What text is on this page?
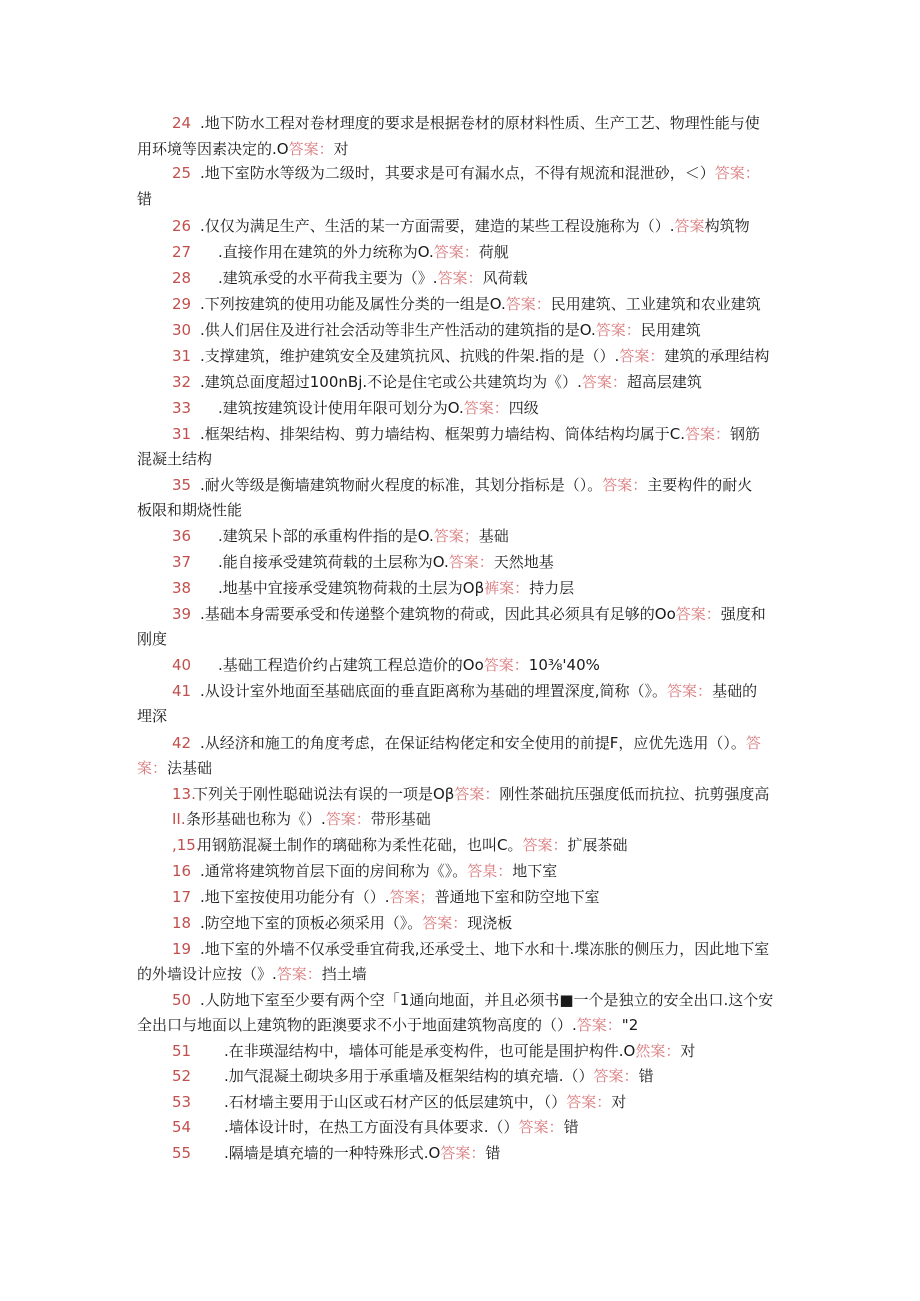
24 .地下防水工程对卷材理度的要求是根据卷材的原材料性质、生产工艺、物理性能与使
用环境等因素决定的.O答案：对
25 .地下室防水等级为二级时，其要求是可有漏水点，不得有规流和混泄砂，＜）答案：
错
26 .仅仅为满足生产、生活的某一方面需要，建造的某些工程设施称为（）.答案构筑物
27 .直接作用在建筑的外力统称为O.答案：荷舰
28 .建筑承受的水平荷我主要为（》.答案：风荷载
29 .下列按建筑的使用功能及属性分类的一组是O.答案：民用建筑、工业建筑和农业建筑
30 .供人们居住及进行社会活动等非生产性活动的建筑指的是O.答案：民用建筑
31 .支撑建筑，维护建筑安全及建筑抗风、抗贱的件架.指的是（）.答案：建筑的承理结构
32 .建筑总面度超过100nBj.不论是住宅或公共建筑均为《）.答案：超高层建筑
33 .建筑按建筑设计使用年限可划分为O.答案：四级
31 .框架结构、排架结构、剪力墙结构、框架剪力墙结构、筒体结构均属于C.答案：钢筋
混凝土结构
35 .耐火等级是衡墙建筑物耐火程度的标准，其划分指标是（）。答案：主要构件的耐火
板限和期烧性能
36 .建筑呆卜部的承重构件指的是O.答案；基础
37 .能自接承受建筑荷载的土层称为O.答案：天然地基
38 .地基中宜接承受建筑物荷栽的土层为Oβ裤案：持力层
39 .基础本身需要承受和传递整个建筑物的荷或，因此其必须具有足够的Oo答案：强度和
刚度
40 .基础工程造价约占建筑工程总造价的Oo答案：10⅜'40%
41 .从设计室外地面至基础底面的垂直距离称为基础的埋置深度,简称（》。答案：基础的
埋深
42 .从经济和施工的角度考虑，在保证结构佬定和安全使用的前提F，应优先选用（）。答
案：法基础
13.
下列关于刚性聪础说法有误的一项是Oβ答案：刚性茶础抗压强度低而抗拉、抗剪强度高
II. 条形基础也称为《）.答案：带形基础
,15.
用钢筋混凝土制作的璃础称为柔性花础，也叫C。答案：扩展茶础
16 .通常将建筑物首层下面的房间称为《》。答臬：地下室
17 .地下室按使用功能分有（）.答案；普通地下室和防空地下室
18 .防空地下室的顶板必须采用（》。答案：现浇板
19 .地下室的外墙不仅承受垂宜荷我,还承受土、地下水和十.堞冻胀的侧压力，因此地下室
的外墙设计应按（》.答案：挡土墙
50 .人防地下室至少要有两个空「1通向地面，并且必须书■一个是独立的安全出口.这个安
全出口与地面以上建筑物的距澳要求不小于地面建筑物高度的（）.答案："2
51 .在非瑛湿结构中，墙体可能是承变构件，也可能是围护构件.O然案：对
52 .加气混凝土砌块多用于承重墙及框架结构的填充墙.（）答案：错
53 .石材墙主要用于山区或石材产区的低层建筑中，（）答案：对
54 .墙体设计时，在热工方面没有具体要求.（）答案：错
55 .隔墙是填充墙的一种特殊形式.O答案：错
